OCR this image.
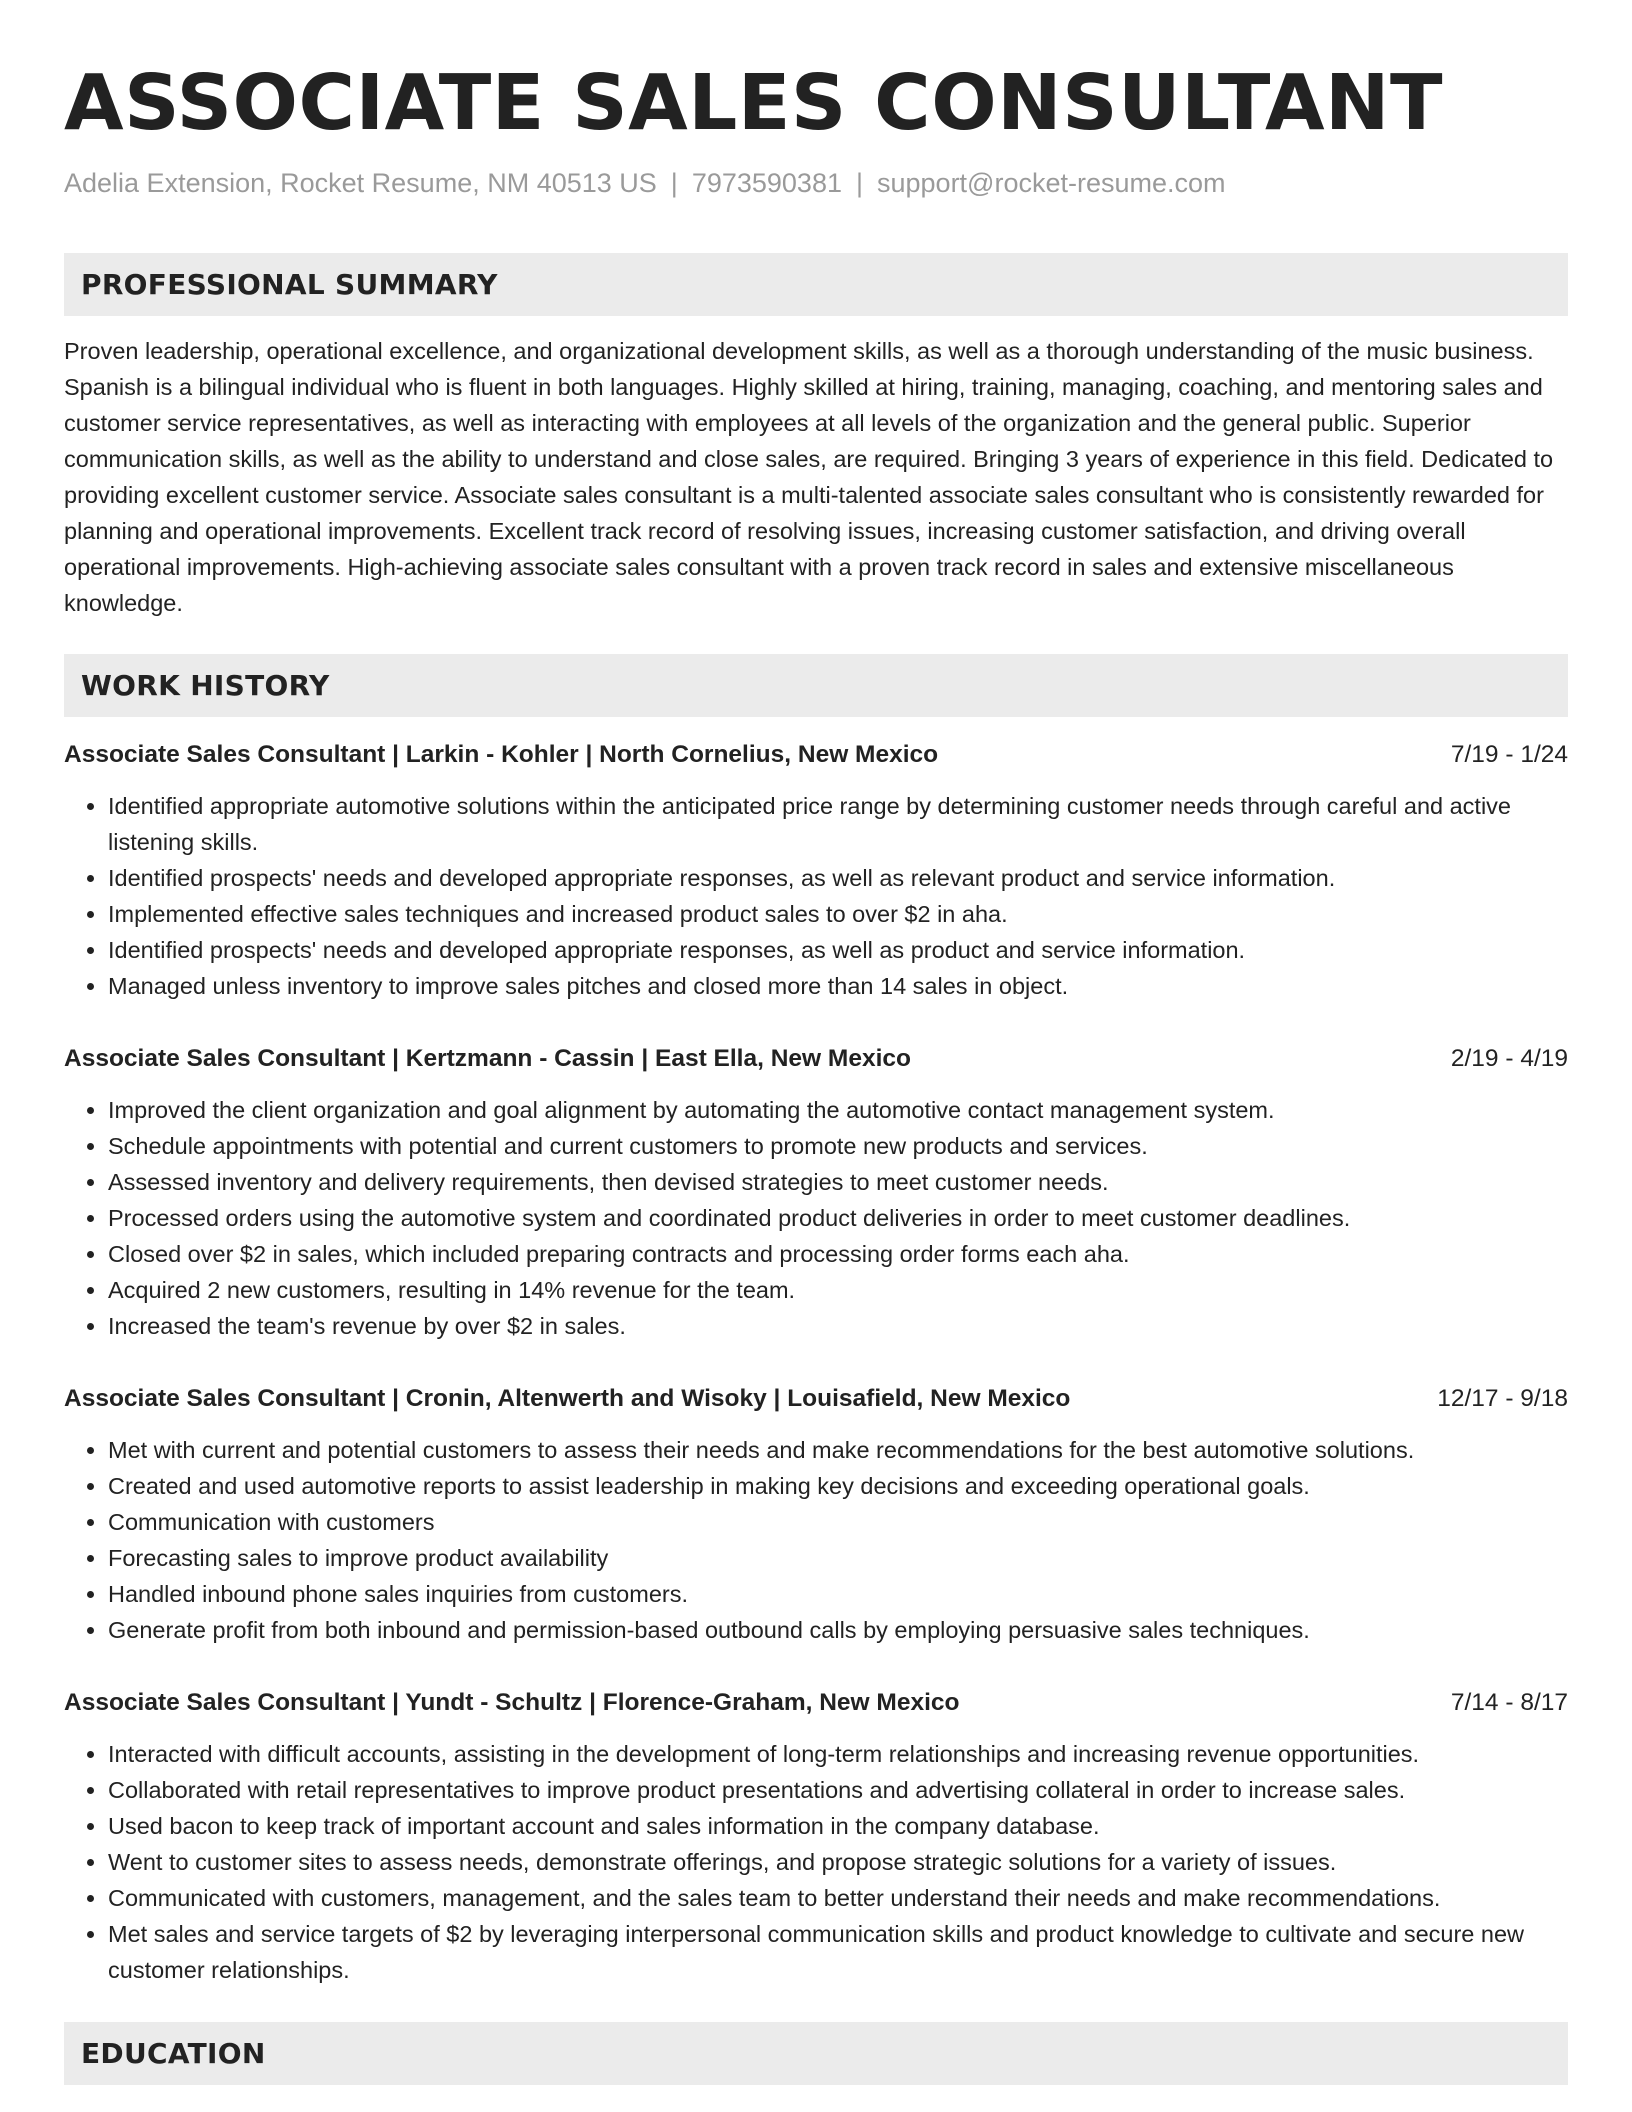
ASSOCIATE SALES CONSULTANT
Adelia Extension, Rocket Resume, NM 40513 US | 7973590381 | support@rocket-resume.com
PROFESSIONAL SUMMARY
Proven leadership, operational excellence, and organizational development skills, as well as a thorough understanding of the music business. Spanish is a bilingual individual who is fluent in both languages. Highly skilled at hiring, training, managing, coaching, and mentoring sales and customer service representatives, as well as interacting with employees at all levels of the organization and the general public. Superior communication skills, as well as the ability to understand and close sales, are required. Bringing 3 years of experience in this field. Dedicated to providing excellent customer service. Associate sales consultant is a multi-talented associate sales consultant who is consistently rewarded for planning and operational improvements. Excellent track record of resolving issues, increasing customer satisfaction, and driving overall operational improvements. High-achieving associate sales consultant with a proven track record in sales and extensive miscellaneous knowledge.
WORK HISTORY
Associate Sales Consultant | Larkin - Kohler | North Cornelius, New Mexico	7/19 - 1/24
• Identified appropriate automotive solutions within the anticipated price range by determining customer needs through careful and active listening skills.
• Identified prospects' needs and developed appropriate responses, as well as relevant product and service information.
• Implemented effective sales techniques and increased product sales to over $2 in aha.
• Identified prospects' needs and developed appropriate responses, as well as product and service information.
• Managed unless inventory to improve sales pitches and closed more than 14 sales in object.
Associate Sales Consultant | Kertzmann - Cassin | East Ella, New Mexico	2/19 - 4/19
• Improved the client organization and goal alignment by automating the automotive contact management system.
• Schedule appointments with potential and current customers to promote new products and services.
• Assessed inventory and delivery requirements, then devised strategies to meet customer needs.
• Processed orders using the automotive system and coordinated product deliveries in order to meet customer deadlines.
• Closed over $2 in sales, which included preparing contracts and processing order forms each aha.
• Acquired 2 new customers, resulting in 14% revenue for the team.
• Increased the team's revenue by over $2 in sales.
Associate Sales Consultant | Cronin, Altenwerth and Wisoky | Louisafield, New Mexico	12/17 - 9/18
• Met with current and potential customers to assess their needs and make recommendations for the best automotive solutions.
• Created and used automotive reports to assist leadership in making key decisions and exceeding operational goals.
• Communication with customers
• Forecasting sales to improve product availability
• Handled inbound phone sales inquiries from customers.
• Generate profit from both inbound and permission-based outbound calls by employing persuasive sales techniques.
Associate Sales Consultant | Yundt - Schultz | Florence-Graham, New Mexico	7/14 - 8/17
• Interacted with difficult accounts, assisting in the development of long-term relationships and increasing revenue opportunities.
• Collaborated with retail representatives to improve product presentations and advertising collateral in order to increase sales.
• Used bacon to keep track of important account and sales information in the company database.
• Went to customer sites to assess needs, demonstrate offerings, and propose strategic solutions for a variety of issues.
• Communicated with customers, management, and the sales team to better understand their needs and make recommendations.
• Met sales and service targets of $2 by leveraging interpersonal communication skills and product knowledge to cultivate and secure new customer relationships.
EDUCATION
